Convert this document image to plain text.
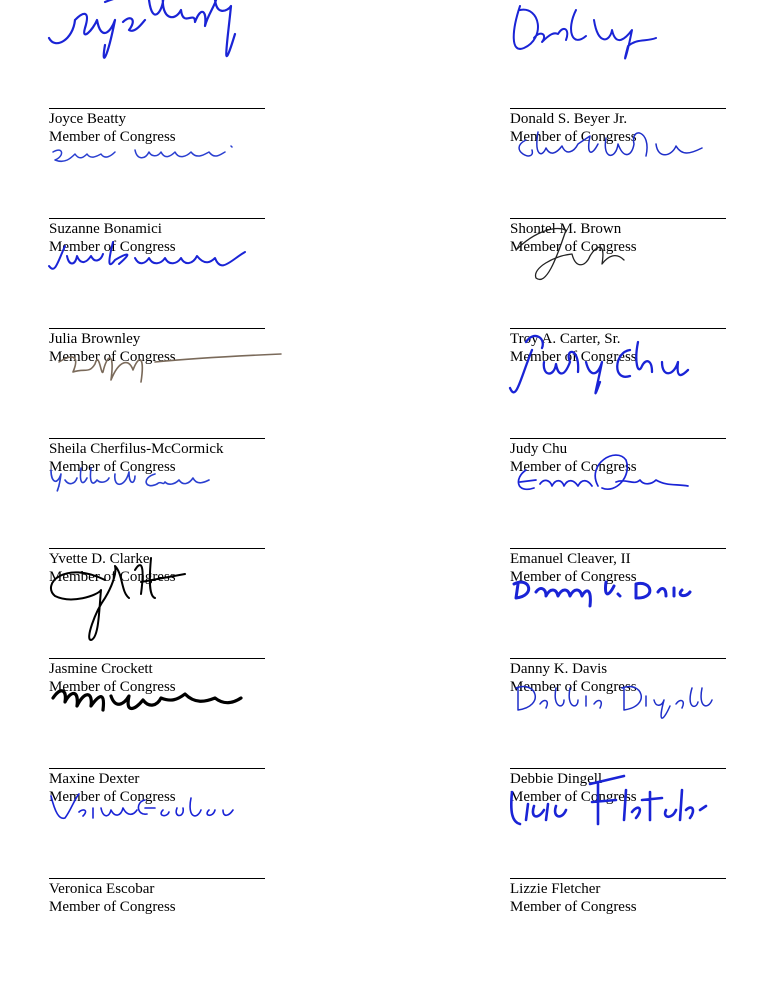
Joyce Beatty
Member of Congress
Donald S. Beyer Jr.
Member of Congress
Suzanne Bonamici
Member of Congress
Shontel M. Brown
Member of Congress
Julia Brownley
Member of Congress
Troy A. Carter, Sr.
Member of Congress
Sheila Cherfilus-McCormick
Member of Congress
Judy Chu
Member of Congress
Yvette D. Clarke
Member of Congress
Emanuel Cleaver, II
Member of Congress
Jasmine Crockett
Member of Congress
Danny K. Davis
Member of Congress
Maxine Dexter
Member of Congress
Debbie Dingell
Member of Congress
Veronica Escobar
Member of Congress
Lizzie Fletcher
Member of Congress
